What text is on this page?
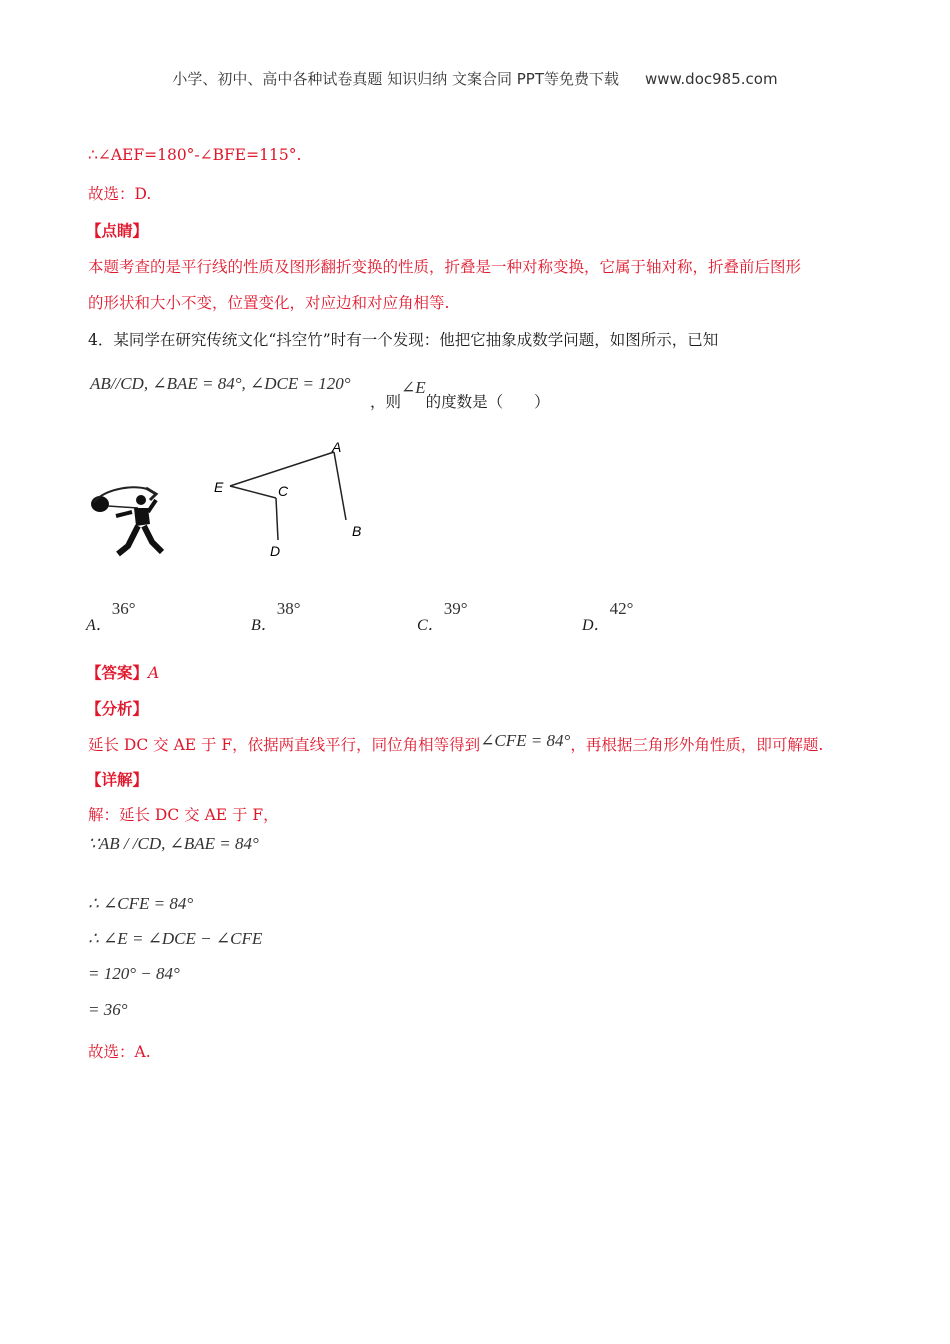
小学、初中、高中各种试卷真题 知识归纳 文案合同 PPT等免费下载 www.doc985.com
∴∠AEF=180°-∠BFE=115°.
故选：D.
【点睛】
本题考查的是平行线的性质及图形翻折变换的性质，折叠是一种对称变换，它属于轴对称，折叠前后图形
的形状和大小不变，位置变化，对应边和对应角相等.
4．某同学在研究传统文化“抖空竹”时有一个发现：他把它抽象成数学问题，如图所示，已知
AB//CD, ∠BAE = 84°, ∠DCE = 120°
，则∠E的度数是（　　）
A
B
C
D
E
A．36°
B．38°
C．39°
D．42°
【答案】A
【分析】
延长 DC 交 AE 于 F，依据两直线平行，同位角相等得到∠CFE = 84°，再根据三角形外角性质，即可解题.
【详解】
解：延长 DC 交 AE 于 F，
∵AB / /CD, ∠BAE = 84°
∴ ∠CFE = 84°
∴ ∠E = ∠DCE − ∠CFE
= 120° − 84°
= 36°
故选：A.
